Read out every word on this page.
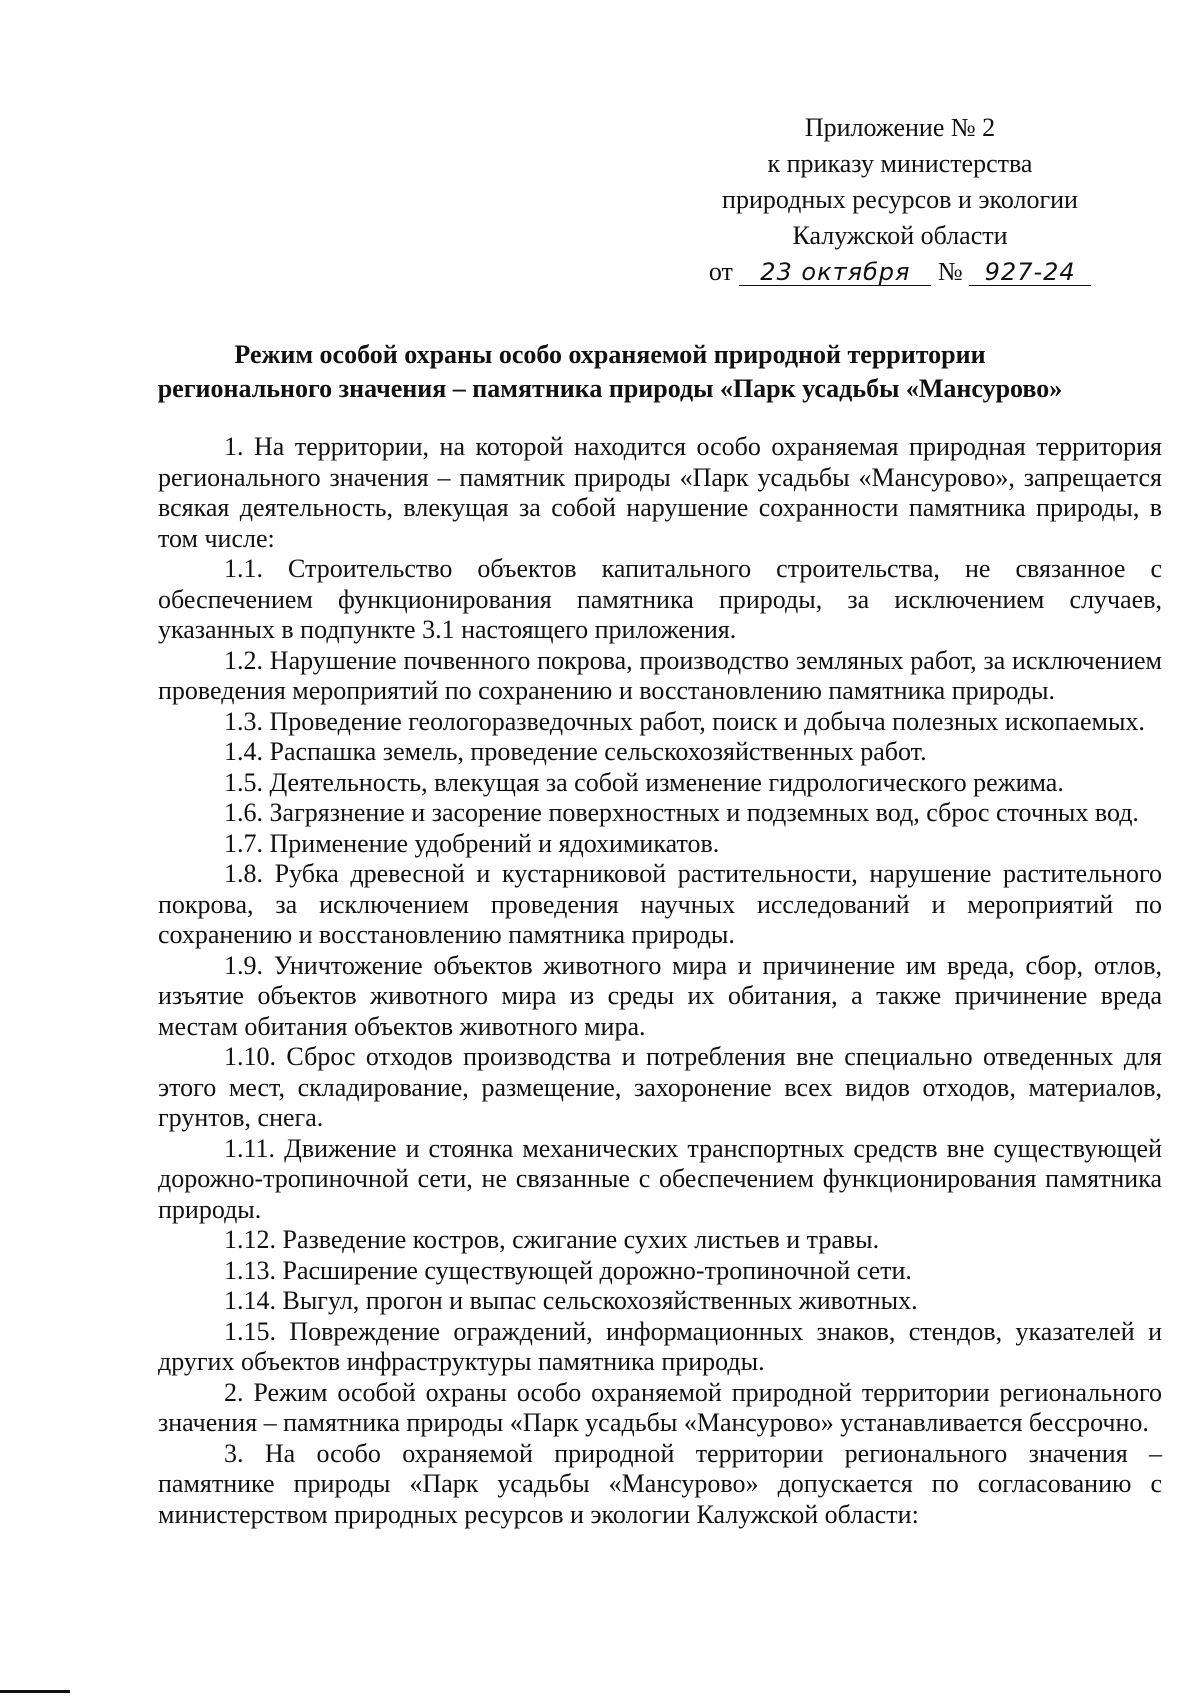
Приложение № 2
к приказу министерства
природных ресурсов и экологии
Калужской области
от 23 октября № 927-24
Режим особой охраны особо охраняемой природной территории
регионального значения – памятника природы «Парк усадьбы «Мансурово»

1. На территории, на которой находится особо охраняемая природная территория регионального значения – памятник природы «Парк усадьбы «Мансурово», запрещается всякая деятельность, влекущая за собой нарушение сохранности памятника природы, в том числе:

1.1. Строительство объектов капитального строительства, не связанное с обеспечением функционирования памятника природы, за исключением случаев, указанных в подпункте 3.1 настоящего приложения.

1.2. Нарушение почвенного покрова, производство земляных работ, за исключением проведения мероприятий по сохранению и восстановлению памятника природы.

1.3. Проведение геологоразведочных работ, поиск и добыча полезных ископаемых.

1.4. Распашка земель, проведение сельскохозяйственных работ.

1.5. Деятельность, влекущая за собой изменение гидрологического режима.

1.6. Загрязнение и засорение поверхностных и подземных вод, сброс сточных вод.

1.7. Применение удобрений и ядохимикатов.

1.8. Рубка древесной и кустарниковой растительности, нарушение растительного покрова, за исключением проведения научных исследований и мероприятий по сохранению и восстановлению памятника природы.

1.9. Уничтожение объектов животного мира и причинение им вреда, сбор, отлов, изъятие объектов животного мира из среды их обитания, а также причинение вреда местам обитания объектов животного мира.

1.10. Сброс отходов производства и потребления вне специально отведенных для этого мест, складирование, размещение, захоронение всех видов отходов, материалов, грунтов, снега.

1.11. Движение и стоянка механических транспортных средств вне существующей дорожно-тропиночной сети, не связанные с обеспечением функционирования памятника природы.

1.12. Разведение костров, сжигание сухих листьев и травы.

1.13. Расширение существующей дорожно-тропиночной сети.

1.14. Выгул, прогон и выпас сельскохозяйственных животных.

1.15. Повреждение ограждений, информационных знаков, стендов, указателей и других объектов инфраструктуры памятника природы.

2. Режим особой охраны особо охраняемой природной территории регионального значения – памятника природы «Парк усадьбы «Мансурово» устанавливается бессрочно.

3. На особо охраняемой природной территории регионального значения – памятнике природы «Парк усадьбы «Мансурово» допускается по согласованию с министерством природных ресурсов и экологии Калужской области:
